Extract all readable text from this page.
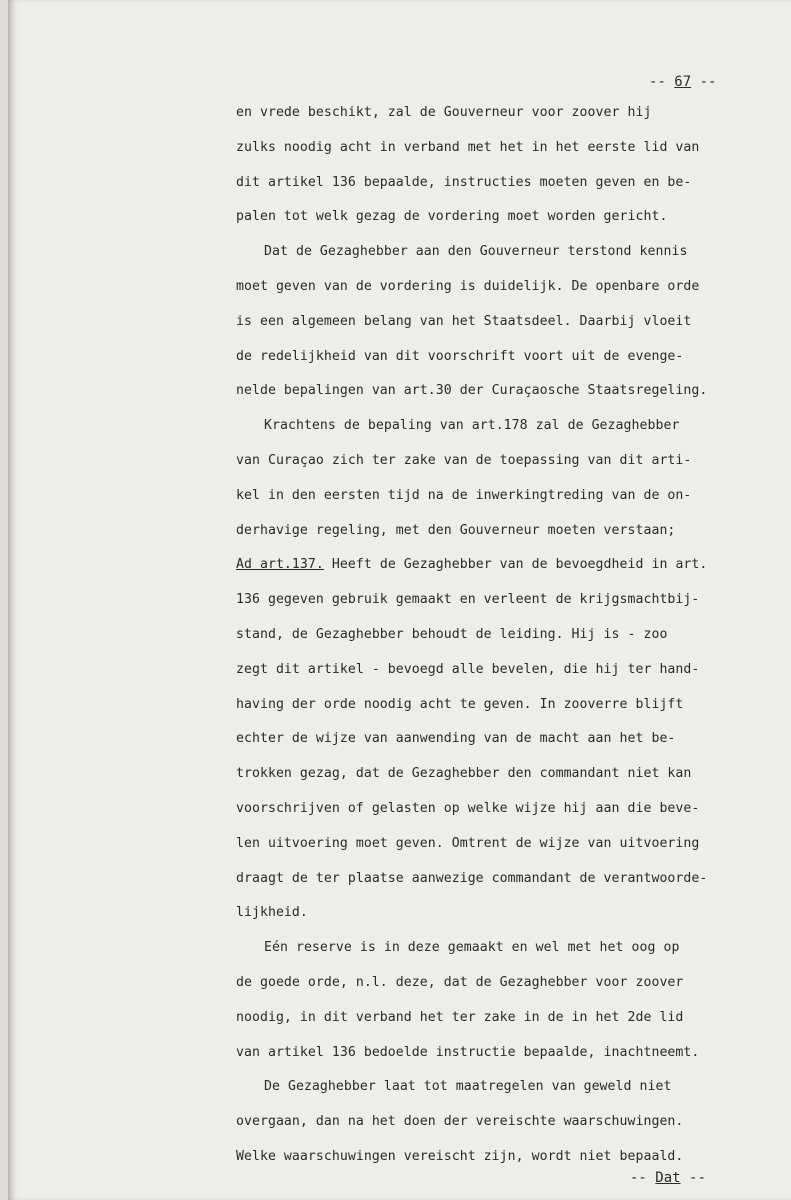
-- 67 --
en vrede beschikt, zal de Gouverneur voor zoover hij
zulks noodig acht in verband met het in het eerste lid van
dit artikel 136 bepaalde, instructies moeten geven en be-
palen tot welk gezag de vordering moet worden gericht.
Dat de Gezaghebber aan den Gouverneur terstond kennis
moet geven van de vordering is duidelijk. De openbare orde
is een algemeen belang van het Staatsdeel. Daarbij vloeit
de redelijkheid van dit voorschrift voort uit de evenge-
nelde bepalingen van art.30 der Curaçaosche Staatsregeling.
Krachtens de bepaling van art.178 zal de Gezaghebber
van Curaçao zich ter zake van de toepassing van dit arti-
kel in den eersten tijd na de inwerkingtreding van de on-
derhavige regeling, met den Gouverneur moeten verstaan;
Ad art.137. Heeft de Gezaghebber van de bevoegdheid in art.
136 gegeven gebruik gemaakt en verleent de krijgsmachtbij-
stand, de Gezaghebber behoudt de leiding. Hij is - zoo
zegt dit artikel - bevoegd alle bevelen, die hij ter hand-
having der orde noodig acht te geven. In zooverre blijft
echter de wijze van aanwending van de macht aan het be-
trokken gezag, dat de Gezaghebber den commandant niet kan
voorschrijven of gelasten op welke wijze hij aan die beve-
len uitvoering moet geven. Omtrent de wijze van uitvoering
draagt de ter plaatse aanwezige commandant de verantwoorde-
lijkheid.
Eén reserve is in deze gemaakt en wel met het oog op
de goede orde, n.l. deze, dat de Gezaghebber voor zoover
noodig, in dit verband het ter zake in de in het 2de lid
van artikel 136 bedoelde instructie bepaalde, inachtneemt.
De Gezaghebber laat tot maatregelen van geweld niet
overgaan, dan na het doen der vereischte waarschuwingen.
Welke waarschuwingen vereischt zijn, wordt niet bepaald.
-- Dat --
